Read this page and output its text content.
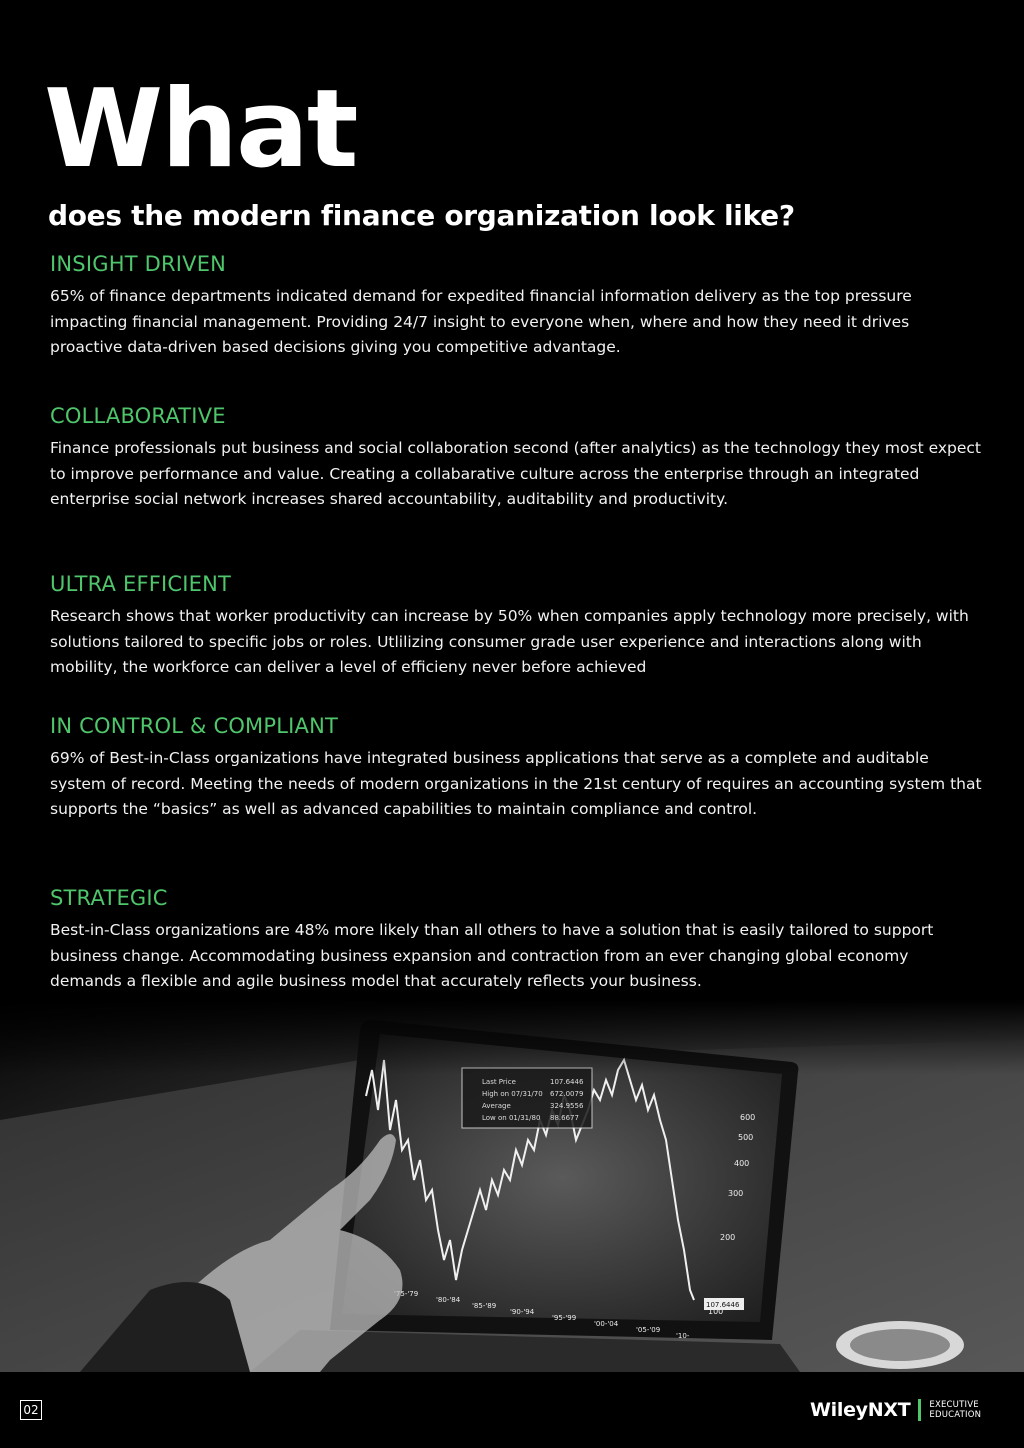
What
does the modern finance organization look like?
INSIGHT DRIVEN

65% of finance departments indicated demand for expedited financial information delivery as the top pressure impacting financial management. Providing 24/7 insight to everyone when, where and how they need it drives proactive data-driven based decisions giving you competitive advantage.

COLLABORATIVE

Finance professionals put business and social collaboration second (after analytics) as the technology they most expect to improve performance and value. Creating a collabarative culture across the enterprise through an integrated enterprise social network increases shared accountability, auditability and productivity.

ULTRA EFFICIENT

Research shows that worker productivity can increase by 50% when companies apply technology more precisely, with solutions tailored to specific jobs or roles. Utlilizing consumer grade user experience and interactions along with mobility, the workforce can deliver a level of efficieny never before achieved

IN CONTROL & COMPLIANT

69% of Best-in-Class organizations have integrated business applications that serve as a complete and auditable system of record. Meeting the needs of modern organizations in the 21st century of requires an accounting system that supports the “basics” as well as advanced capabilities to maintain compliance and control.

STRATEGIC

Best-in-Class organizations are 48% more likely than all others to have a solution that is easily tailored to support business change. Accommodating business expansion and contraction from an ever changing global economy demands a flexible and agile business model that accurately reflects your business.

02	WileyNXT EXECUTIVE
EDUCATION
